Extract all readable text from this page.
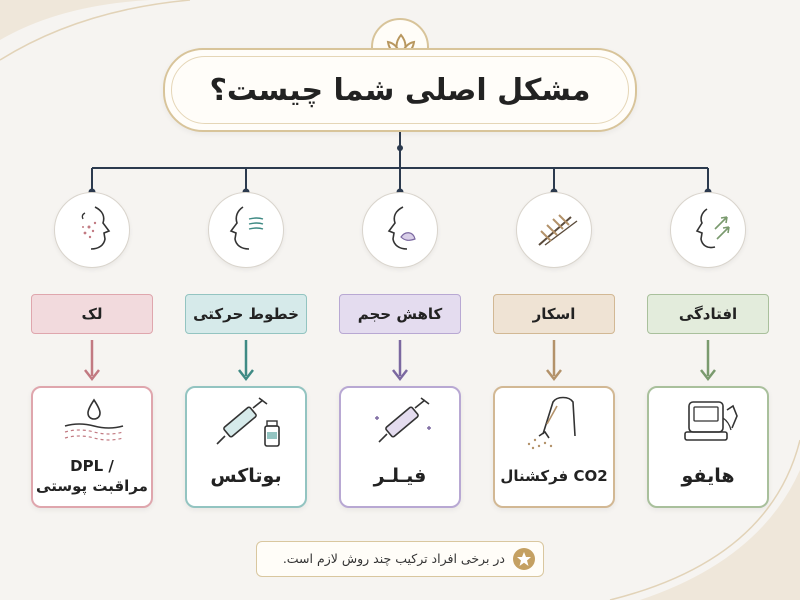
مشکل اصلی شما چیست؟
افتادگی
هایفو
اسکار
فرکشنال CO2
کاهش حجم
فیـلـر
خطوط حرکتی
بوتاکس
لک
DPL /
مراقبت پوستی
در برخی افراد ترکیب چند روش لازم است.
